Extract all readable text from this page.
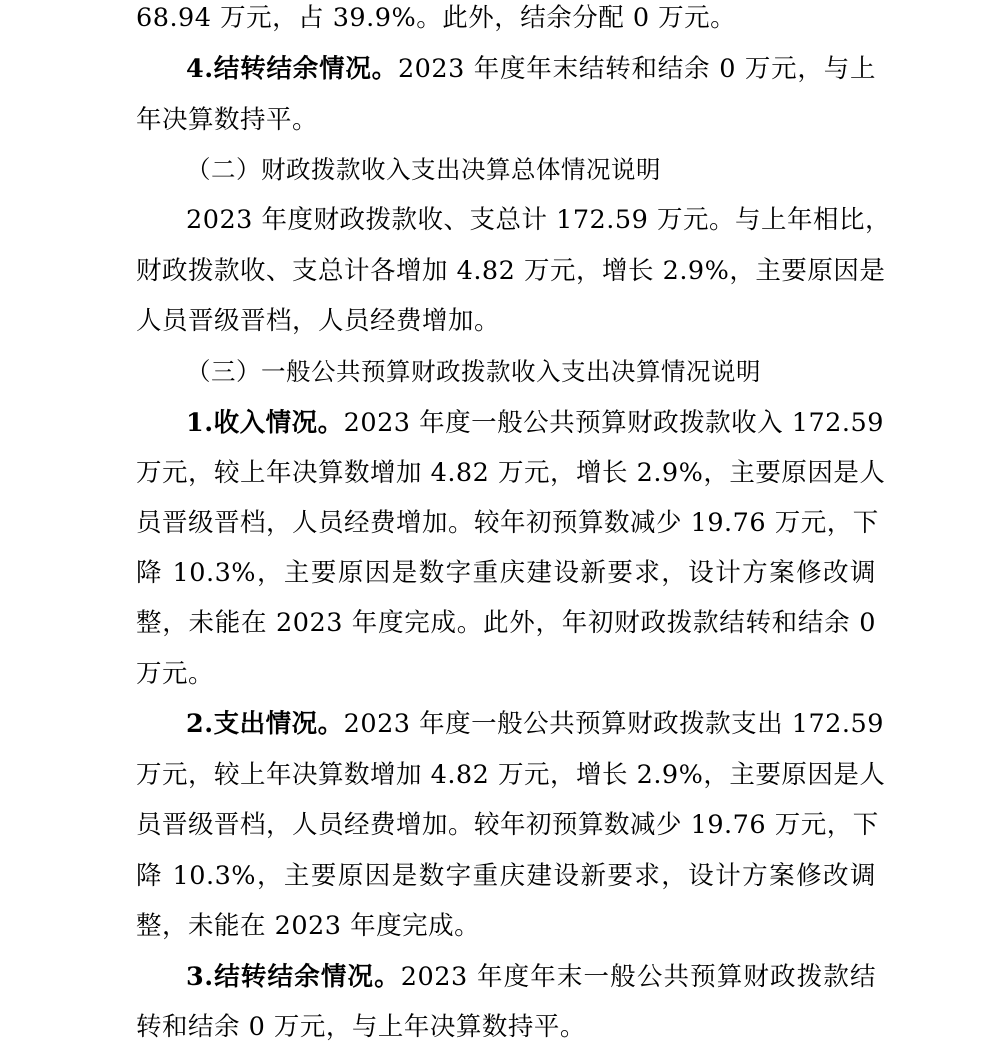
68.94 万元，占 39.9%。此外，结余分配 0 万元。
4.结转结余情况。2023 年度年末结转和结余 0 万元，与上
年决算数持平。
（二）财政拨款收入支出决算总体情况说明
2023 年度财政拨款收、支总计 172.59 万元。与上年相比，
财政拨款收、支总计各增加 4.82 万元，增长 2.9%，主要原因是
人员晋级晋档，人员经费增加。
（三）一般公共预算财政拨款收入支出决算情况说明
1.收入情况。2023 年度一般公共预算财政拨款收入 172.59
万元，较上年决算数增加 4.82 万元，增长 2.9%，主要原因是人
员晋级晋档，人员经费增加。较年初预算数减少 19.76 万元，下
降 10.3%，主要原因是数字重庆建设新要求，设计方案修改调
整，未能在 2023 年度完成。此外，年初财政拨款结转和结余 0
万元。
2.支出情况。2023 年度一般公共预算财政拨款支出 172.59
万元，较上年决算数增加 4.82 万元，增长 2.9%，主要原因是人
员晋级晋档，人员经费增加。较年初预算数减少 19.76 万元，下
降 10.3%，主要原因是数字重庆建设新要求，设计方案修改调
整，未能在 2023 年度完成。
3.结转结余情况。2023 年度年末一般公共预算财政拨款结
转和结余 0 万元，与上年决算数持平。
